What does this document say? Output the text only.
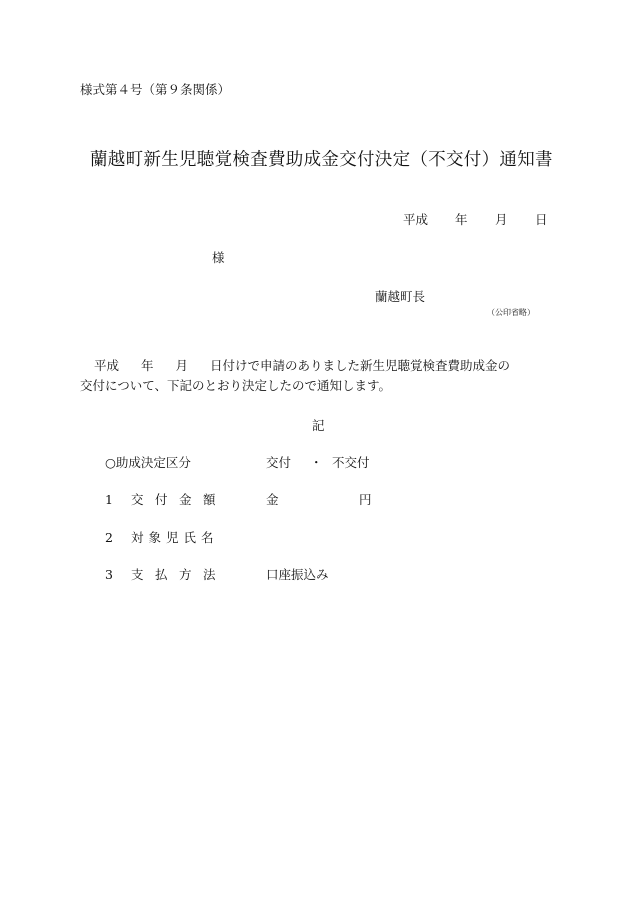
様式第４号（第９条関係）
蘭越町新生児聴覚検査費助成金交付決定（不交付）通知書
平成 年 月 日
様
蘭越町長
（公印省略）
平成 年 月 日付けで申請のありました新生児聴覚検査費助成金の
交付について、下記のとおり決定したので通知します。
記
○助成決定区分	交付 ・ 不交付
1 交付金額	金	円
2 対象児氏名
3 支払方法	口座振込み
